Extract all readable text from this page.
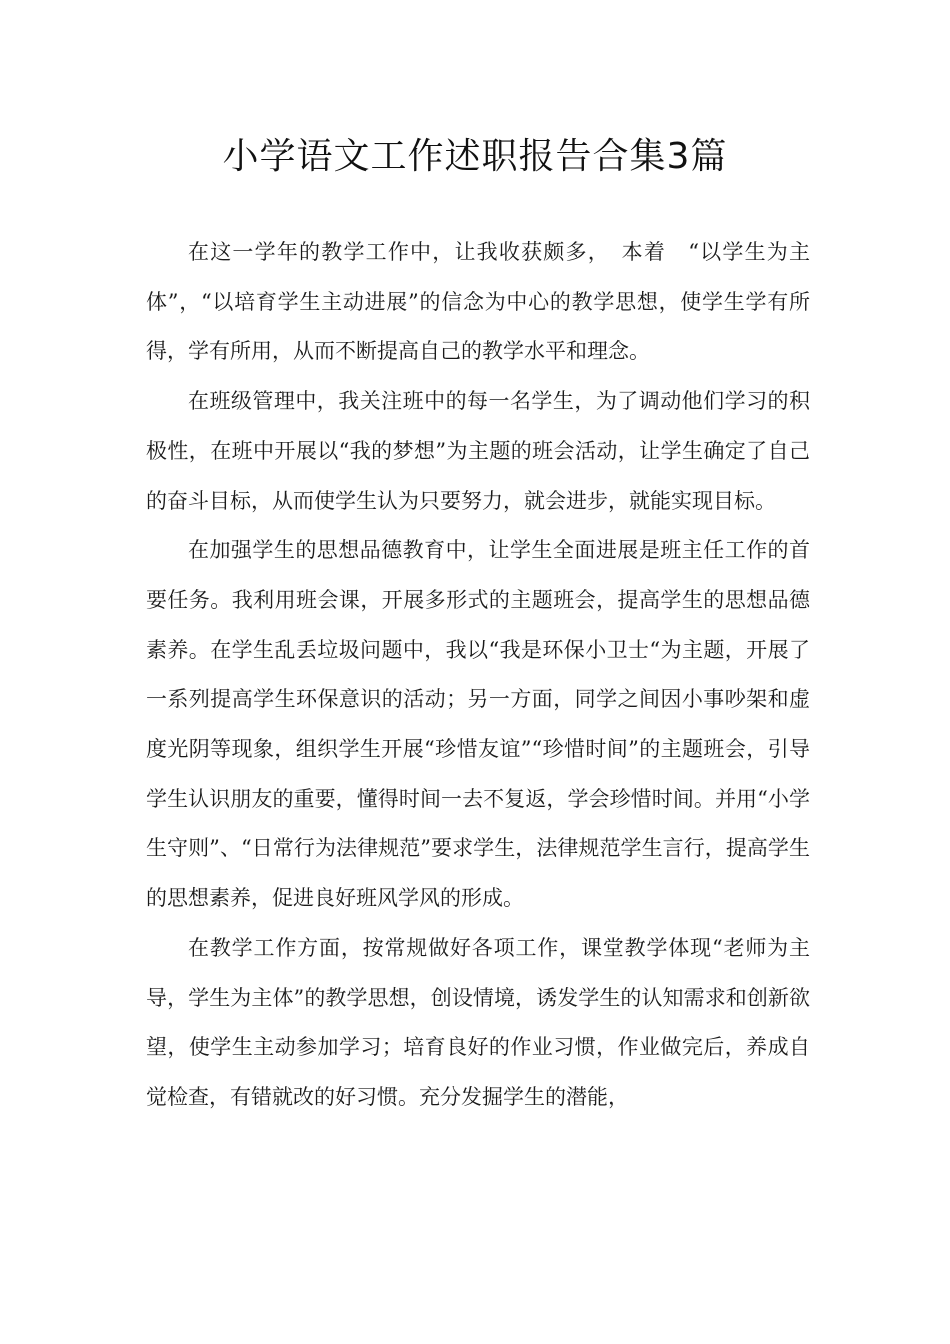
小学语文工作述职报告合集3篇

在这一学年的教学工作中，让我收获颇多，　本着　“以学生为主体”，“以培育学生主动进展”的信念为中心的教学思想，使学生学有所得，学有所用，从而不断提高自己的教学水平和理念。

在班级管理中，我关注班中的每一名学生，为了调动他们学习的积极性，在班中开展以“我的梦想”为主题的班会活动，让学生确定了自己的奋斗目标，从而使学生认为只要努力，就会进步，就能实现目标。

在加强学生的思想品德教育中，让学生全面进展是班主任工作的首要任务。我利用班会课，开展多形式的主题班会，提高学生的思想品德素养。在学生乱丢垃圾问题中，我以“我是环保小卫士“为主题，开展了一系列提高学生环保意识的活动；另一方面，同学之间因小事吵架和虚度光阴等现象，组织学生开展“珍惜友谊”“珍惜时间”的主题班会，引导学生认识朋友的重要，懂得时间一去不复返，学会珍惜时间。并用“小学生守则”、“日常行为法律规范”要求学生，法律规范学生言行，提高学生的思想素养，促进良好班风学风的形成。

在教学工作方面，按常规做好各项工作，课堂教学体现“老师为主导，学生为主体”的教学思想，创设情境，诱发学生的认知需求和创新欲望，使学生主动参加学习；培育良好的作业习惯，作业做完后，养成自觉检查，有错就改的好习惯。充分发掘学生的潜能，
